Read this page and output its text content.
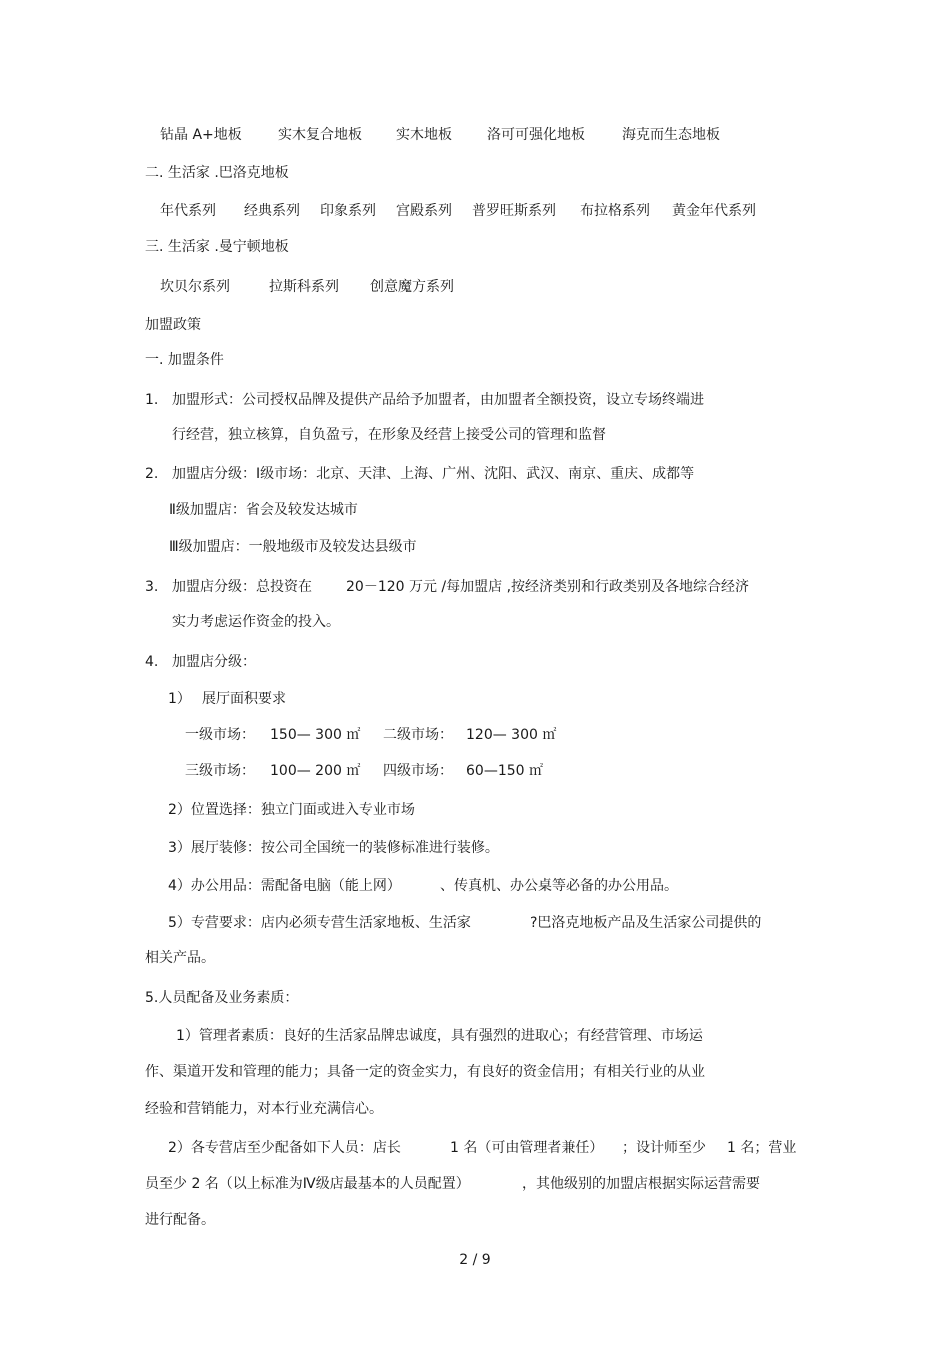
钻晶 A+地板	实木复合地板 实木地板	洛可可强化地板	海克而生态地板
二. 生活家 .巴洛克地板
年代系列 经典系列 印象系列 宫殿系列 普罗旺斯系列 布拉格系列 黄金年代系列
三. 生活家 .曼宁顿地板
坎贝尔系列	拉斯科系列 创意魔方系列
加盟政策
一. 加盟条件
1. 加盟形式：公司授权品牌及提供产品给予加盟者，由加盟者全额投资，设立专场终端进
行经营，独立核算，自负盈亏，在形象及经营上接受公司的管理和监督
2. 加盟店分级：Ⅰ级市场：北京、天津、上海、广州、沈阳、武汉、南京、重庆、成都等
Ⅱ级加盟店：省会及较发达城市
Ⅲ级加盟店：一般地级市及较发达县级市
3. 加盟店分级：总投资在 20－120 万元 /每加盟店 ,按经济类别和行政类别及各地综合经济
实力考虑运作资金的投入。
4. 加盟店分级：
1） 展厅面积要求
一级市场： 150— 300 ㎡ 二级市场： 120— 300 ㎡
三级市场： 100— 200 ㎡ 四级市场： 60—150 ㎡
2）位置选择：独立门面或进入专业市场
3）展厅装修：按公司全国统一的装修标准进行装修。
4）办公用品：需配备电脑（能上网）	、传真机、办公桌等必备的办公用品。
5）专营要求：店内必须专营生活家地板、生活家	?巴洛克地板产品及生活家公司提供的
相关产品。
5.人员配备及业务素质：
1）管理者素质：良好的生活家品牌忠诚度，具有强烈的进取心；有经营管理、市场运
作、渠道开发和管理的能力；具备一定的资金实力，有良好的资金信用；有相关行业的从业
经验和营销能力，对本行业充满信心。
2）各专营店至少配备如下人员：店长	1 名（可由管理者兼任） ；设计师至少 1 名；营业
员至少 2 名（以上标准为Ⅳ级店最基本的人员配置）	，其他级别的加盟店根据实际运营需要
进行配备。
2 / 9
